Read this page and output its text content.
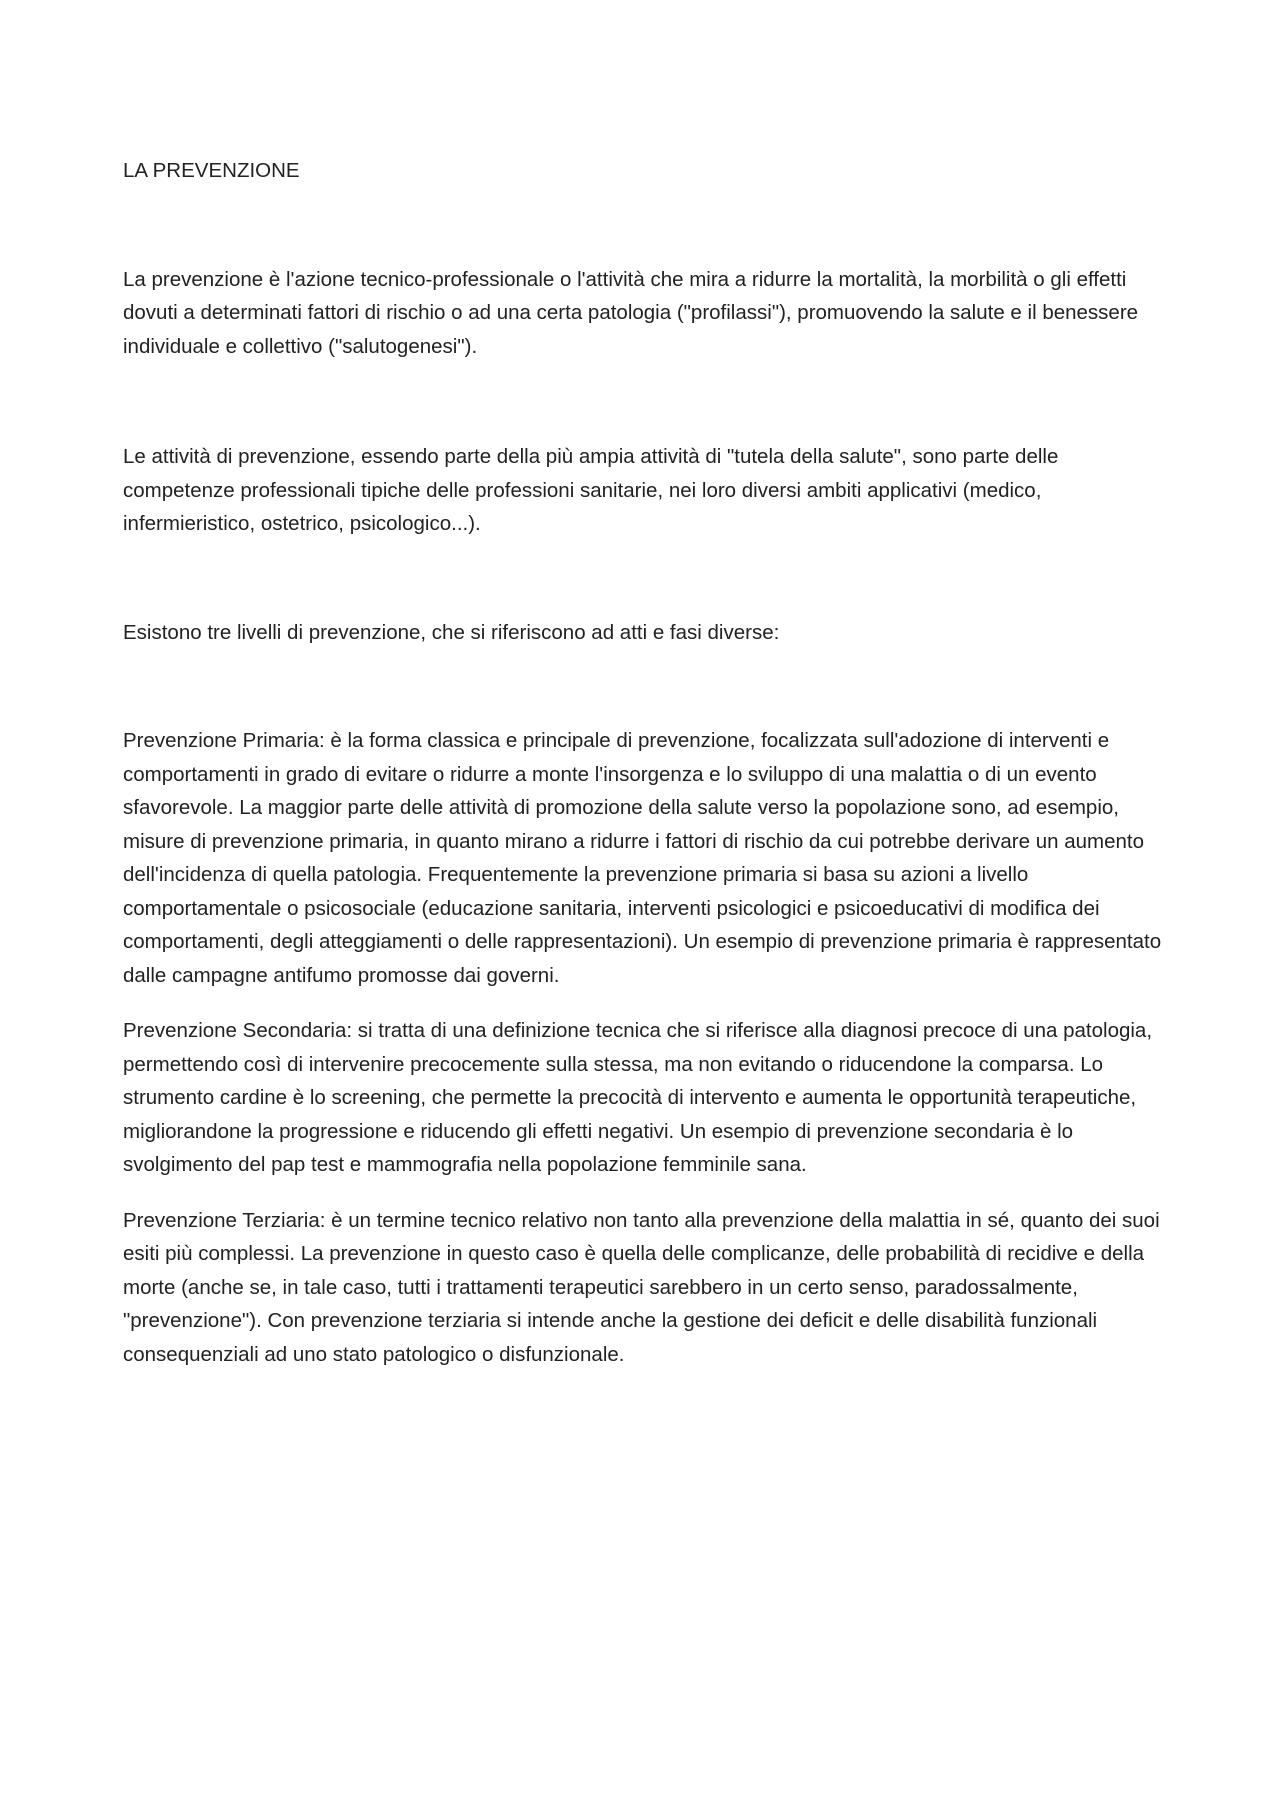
LA PREVENZIONE

La prevenzione è l'azione tecnico-professionale o l'attività che mira a ridurre la mortalità, la morbilità o gli effetti dovuti a determinati fattori di rischio o ad una certa patologia ("profilassi"), promuovendo la salute e il benessere individuale e collettivo ("salutogenesi").

Le attività di prevenzione, essendo parte della più ampia attività di "tutela della salute", sono parte delle competenze professionali tipiche delle professioni sanitarie, nei loro diversi ambiti applicativi (medico, infermieristico, ostetrico, psicologico...).

Esistono tre livelli di prevenzione, che si riferiscono ad atti e fasi diverse:

Prevenzione Primaria: è la forma classica e principale di prevenzione, focalizzata sull'adozione di interventi e comportamenti in grado di evitare o ridurre a monte l'insorgenza e lo sviluppo di una malattia o di un evento sfavorevole. La maggior parte delle attività di promozione della salute verso la popolazione sono, ad esempio, misure di prevenzione primaria, in quanto mirano a ridurre i fattori di rischio da cui potrebbe derivare un aumento dell'incidenza di quella patologia. Frequentemente la prevenzione primaria si basa su azioni a livello comportamentale o psicosociale (educazione sanitaria, interventi psicologici e psicoeducativi di modifica dei comportamenti, degli atteggiamenti o delle rappresentazioni). Un esempio di prevenzione primaria è rappresentato dalle campagne antifumo promosse dai governi.

Prevenzione Secondaria: si tratta di una definizione tecnica che si riferisce alla diagnosi precoce di una patologia, permettendo così di intervenire precocemente sulla stessa, ma non evitando o riducendone la comparsa. Lo strumento cardine è lo screening, che permette la precocità di intervento e aumenta le opportunità terapeutiche, migliorandone la progressione e riducendo gli effetti negativi. Un esempio di prevenzione secondaria è lo svolgimento del pap test e mammografia nella popolazione femminile sana.

Prevenzione Terziaria: è un termine tecnico relativo non tanto alla prevenzione della malattia in sé, quanto dei suoi esiti più complessi. La prevenzione in questo caso è quella delle complicanze, delle probabilità di recidive e della morte (anche se, in tale caso, tutti i trattamenti terapeutici sarebbero in un certo senso, paradossalmente, "prevenzione"). Con prevenzione terziaria si intende anche la gestione dei deficit e delle disabilità funzionali consequenziali ad uno stato patologico o disfunzionale.
